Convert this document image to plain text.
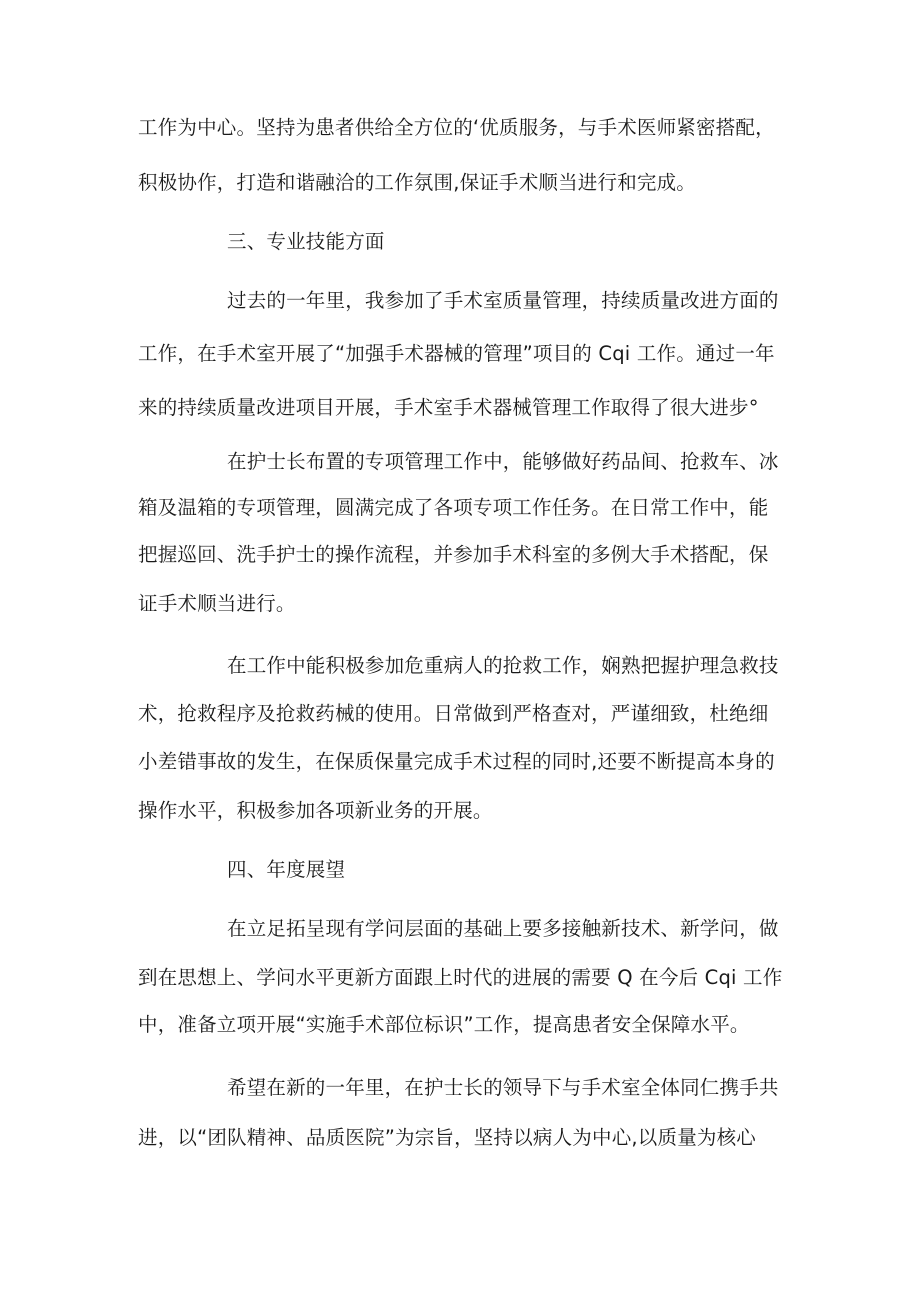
工作为中心。坚持为患者供给全方位的‘优质服务，与手术医师紧密搭配，

积极协作，打造和谐融洽的工作氛围,保证手术顺当进行和完成。

三、专业技能方面

过去的一年里，我参加了手术室质量管理，持续质量改进方面的

工作，在手术室开展了“加强手术器械的管理”项目的 Cqi 工作。通过一年

来的持续质量改进项目开展，手术室手术器械管理工作取得了很大进步°

在护士长布置的专项管理工作中，能够做好药品间、抢救车、冰

箱及温箱的专项管理，圆满完成了各项专项工作任务。在日常工作中，能

把握巡回、洗手护士的操作流程，并参加手术科室的多例大手术搭配，保

证手术顺当进行。

在工作中能积极参加危重病人的抢救工作，娴熟把握护理急救技

术，抢救程序及抢救药械的使用。日常做到严格查对，严谨细致，杜绝细

小差错事故的发生，在保质保量完成手术过程的同时,还要不断提高本身的

操作水平，积极参加各项新业务的开展。

四、年度展望

在立足拓呈现有学问层面的基础上要多接触新技术、新学问，做

到在思想上、学问水平更新方面跟上时代的进展的需要 Q 在今后 Cqi 工作

中，准备立项开展“实施手术部位标识”工作，提高患者安全保障水平。

希望在新的一年里，在护士长的领导下与手术室全体同仁携手共

进，以“团队精神、品质医院”为宗旨，坚持以病人为中心,以质量为核心
